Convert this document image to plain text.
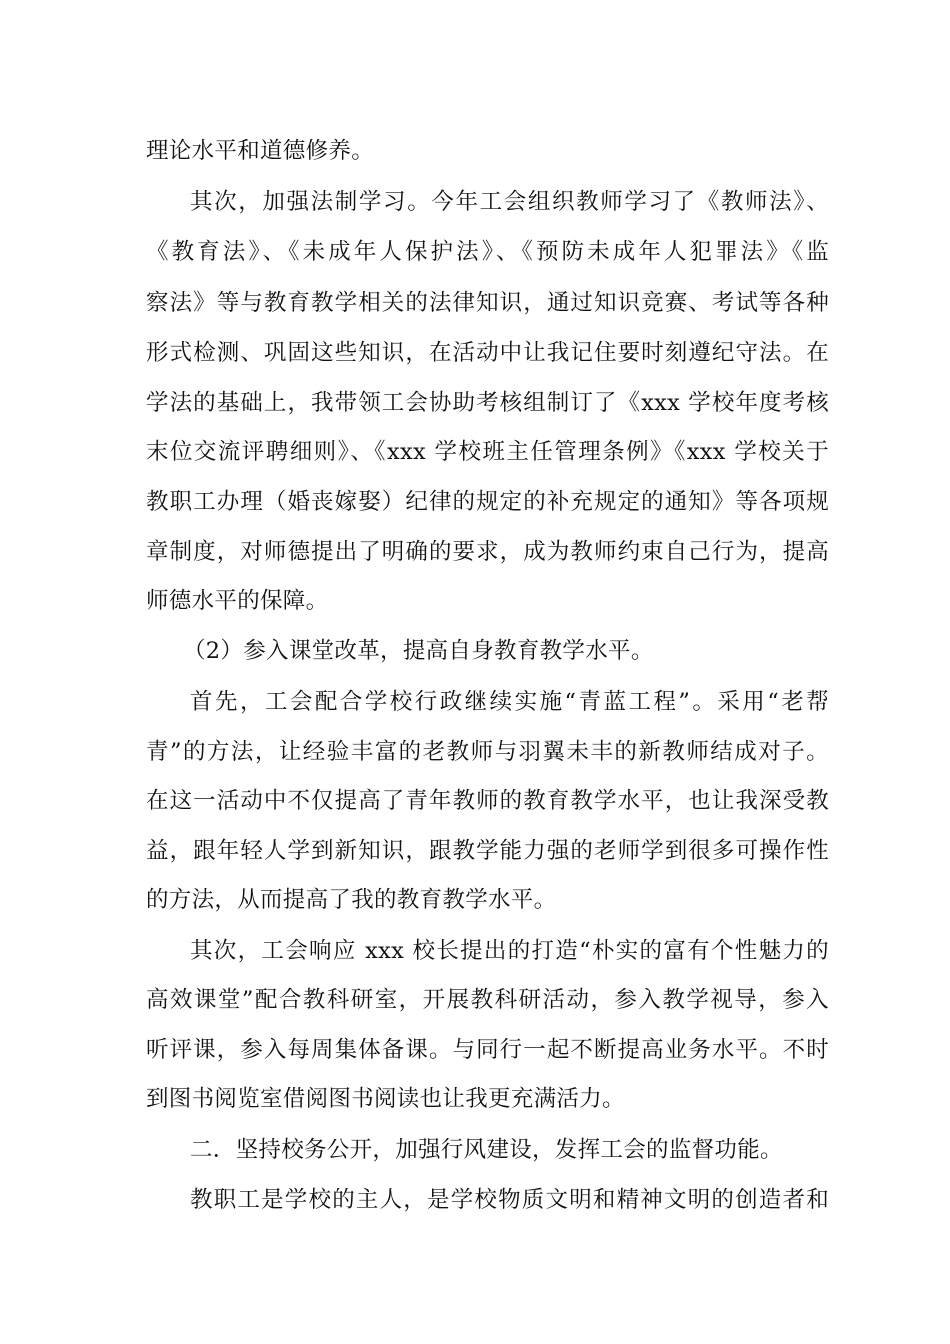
理论水平和道德修养。
其次，加强法制学习。今年工会组织教师学习了《教师法》、
《教育法》、《未成年人保护法》、《预防未成年人犯罪法》《监
察法》等与教育教学相关的法律知识，通过知识竞赛、考试等各种
形式检测、巩固这些知识，在活动中让我记住要时刻遵纪守法。在
学法的基础上，我带领工会协助考核组制订了《xxx 学校年度考核
末位交流评聘细则》、《xxx 学校班主任管理条例》《xxx 学校关于
教职工办理（婚丧嫁娶）纪律的规定的补充规定的通知》等各项规
章制度，对师德提出了明确的要求，成为教师约束自己行为，提高
师德水平的保障。
（2）参入课堂改革，提高自身教育教学水平。
首先，工会配合学校行政继续实施“青蓝工程”。采用“老帮
青”的方法，让经验丰富的老教师与羽翼未丰的新教师结成对子。
在这一活动中不仅提高了青年教师的教育教学水平，也让我深受教
益，跟年轻人学到新知识，跟教学能力强的老师学到很多可操作性
的方法，从而提高了我的教育教学水平。
其次，工会响应 xxx 校长提出的打造“朴实的富有个性魅力的
高效课堂”配合教科研室，开展教科研活动，参入教学视导，参入
听评课，参入每周集体备课。与同行一起不断提高业务水平。不时
到图书阅览室借阅图书阅读也让我更充满活力。
二．坚持校务公开，加强行风建设，发挥工会的监督功能。
教职工是学校的主人，是学校物质文明和精神文明的创造者和
